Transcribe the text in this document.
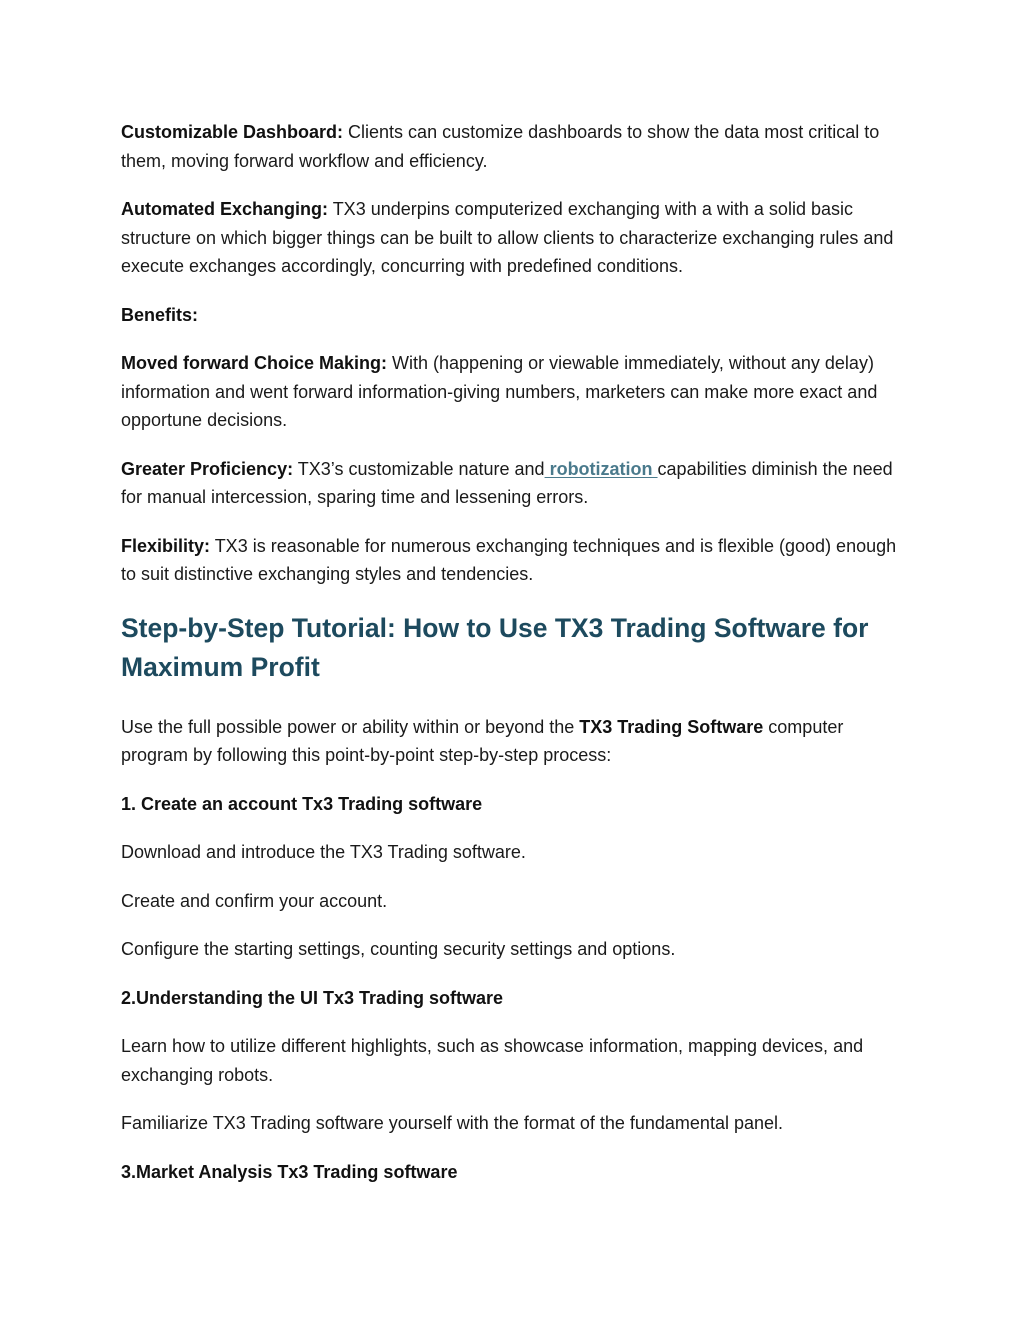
Customizable Dashboard: Clients can customize dashboards to show the data most critical to them, moving forward workflow and efficiency.

Automated Exchanging: TX3 underpins computerized exchanging with a with a solid basic structure on which bigger things can be built to allow clients to characterize exchanging rules and execute exchanges accordingly, concurring with predefined conditions.

Benefits:

Moved forward Choice Making: With (happening or viewable immediately, without any delay) information and went forward information-giving numbers, marketers can make more exact and opportune decisions.

Greater Proficiency: TX3’s customizable nature and robotization capabilities diminish the need for manual intercession, sparing time and lessening errors.

Flexibility: TX3 is reasonable for numerous exchanging techniques and is flexible (good) enough to suit distinctive exchanging styles and tendencies.

Step-by-Step Tutorial: How to Use TX3 Trading Software for Maximum Profit

Use the full possible power or ability within or beyond the TX3 Trading Software computer program by following this point-by-point step-by-step process:

1. Create an account Tx3 Trading software

Download and introduce the TX3 Trading software.

Create and confirm your account.

Configure the starting settings, counting security settings and options.

2.Understanding the UI Tx3 Trading software

Learn how to utilize different highlights, such as showcase information, mapping devices, and exchanging robots.

Familiarize TX3 Trading software yourself with the format of the fundamental panel.

3.Market Analysis Tx3 Trading software
